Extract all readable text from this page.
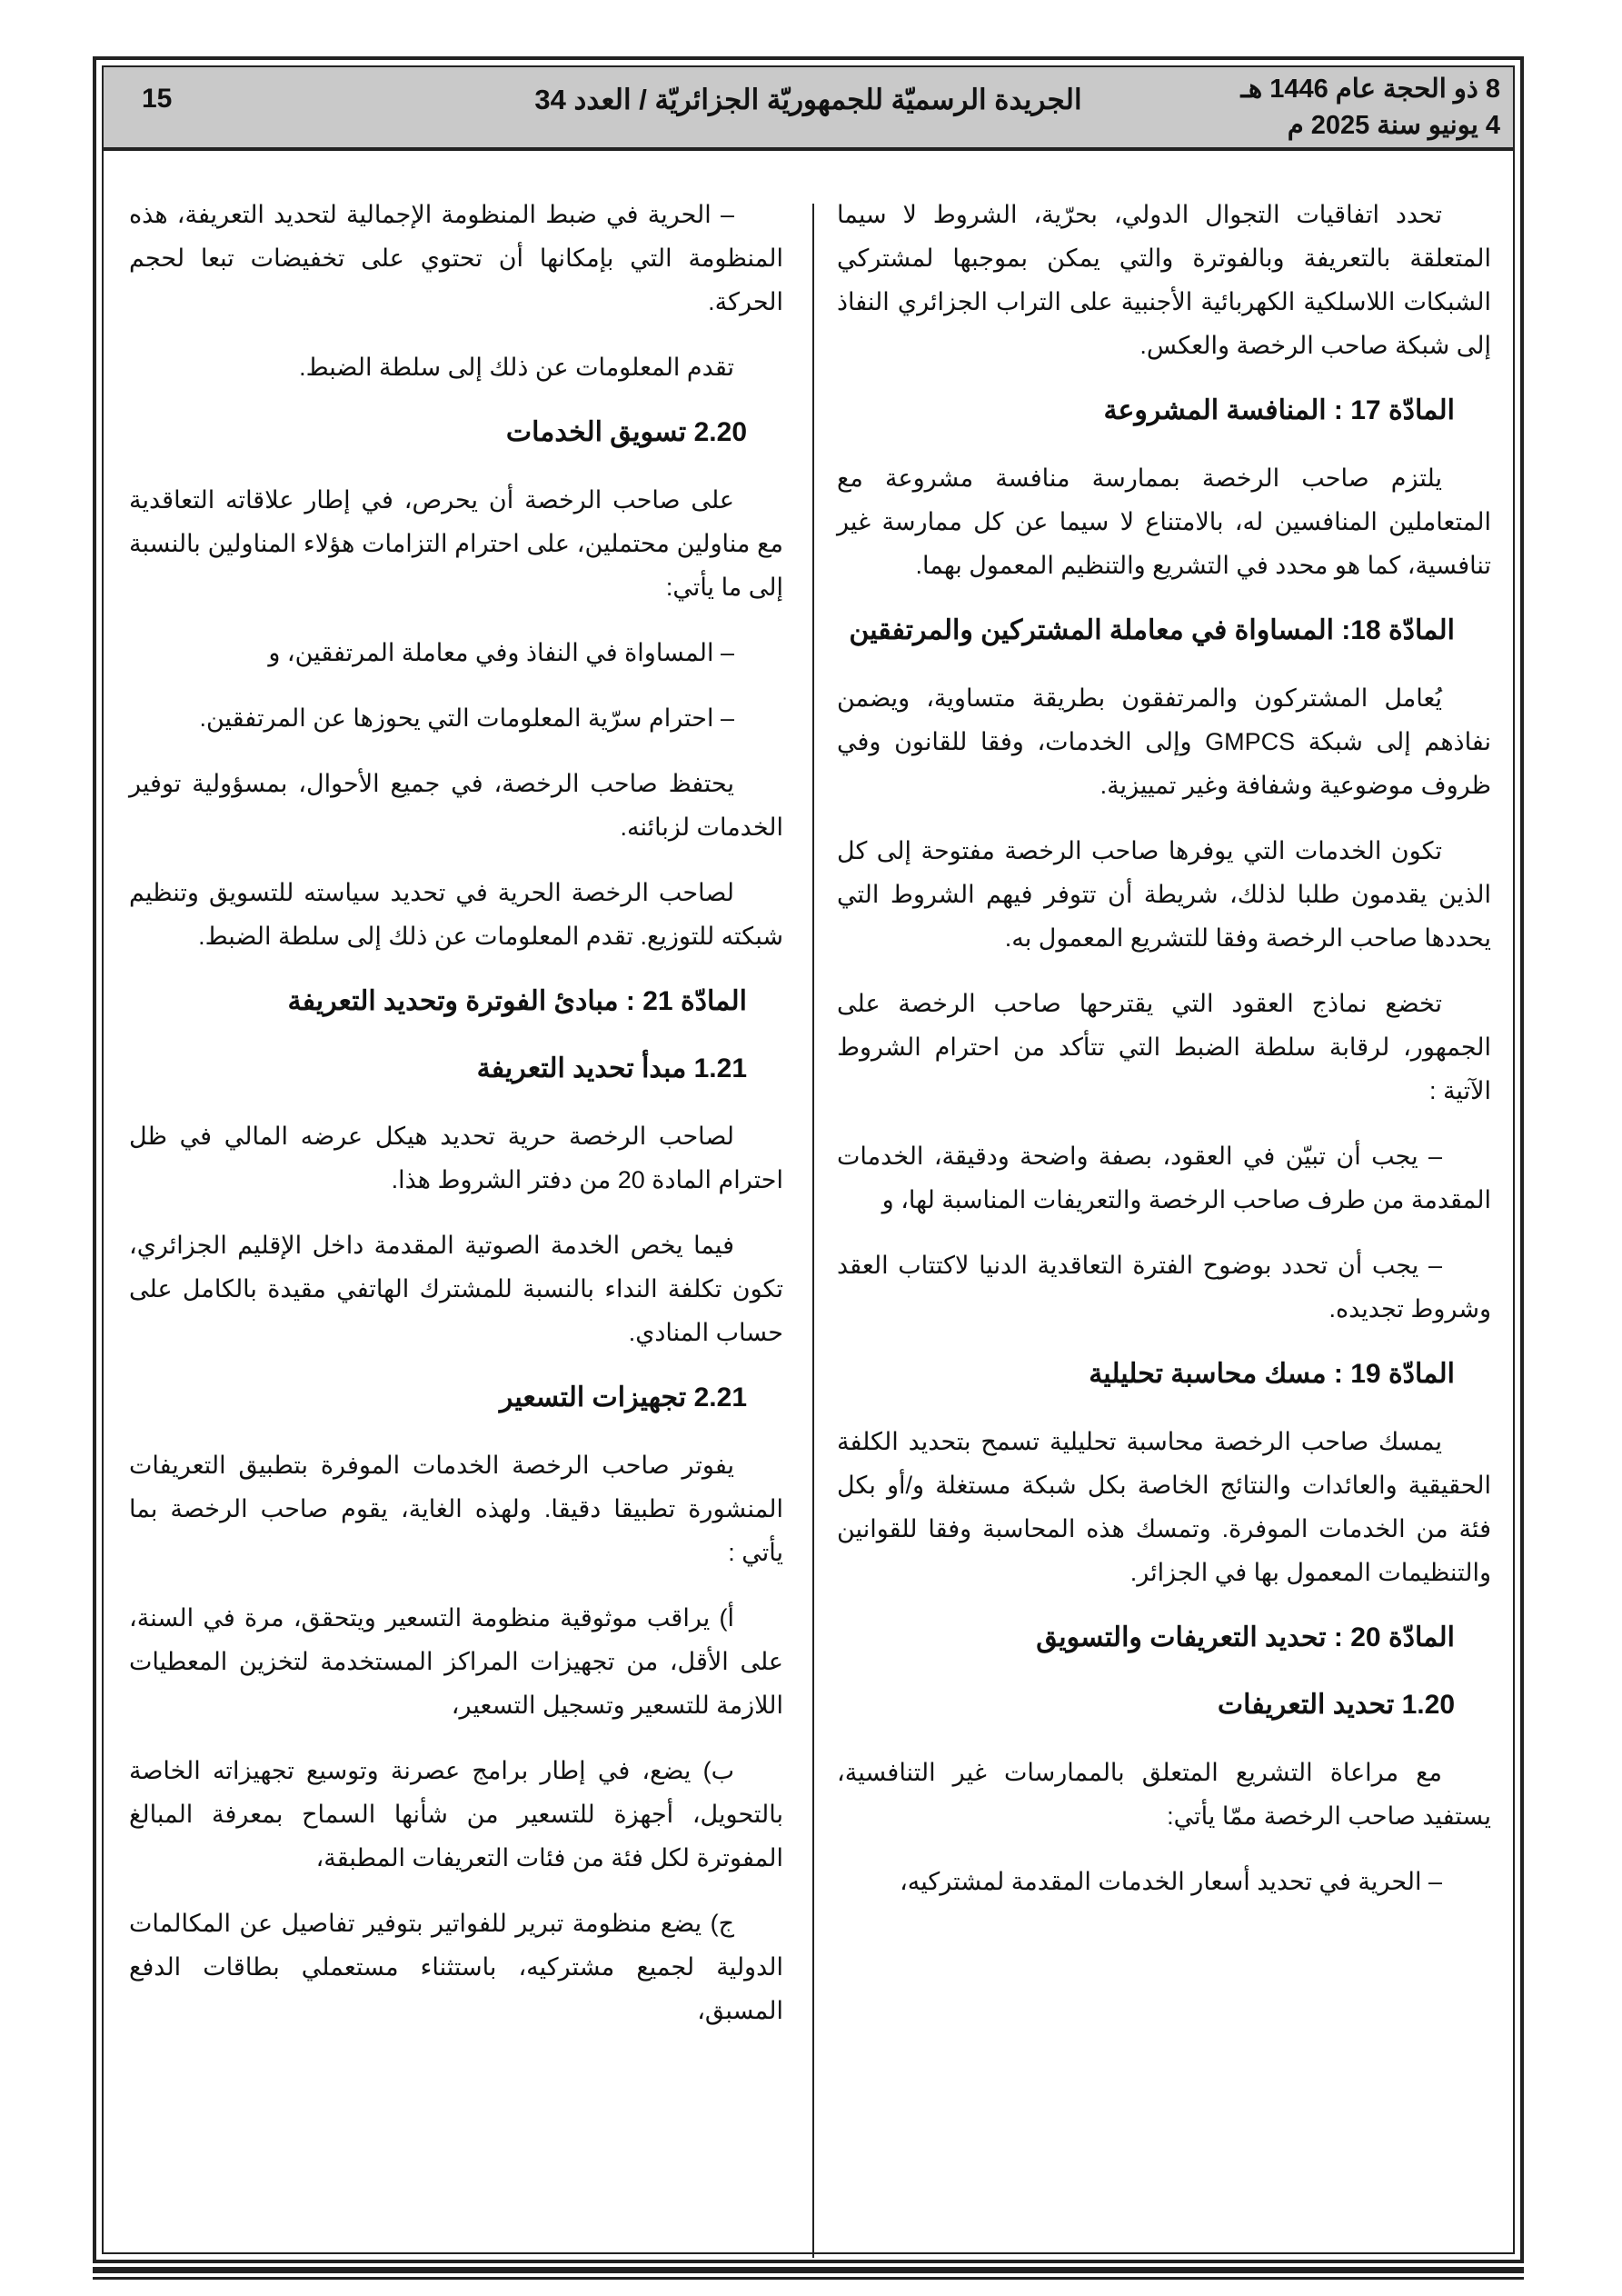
8 ذو الحجة عام 1446 هـ
4 يونيو سنة 2025 م
الجريدة الرسميّة للجمهوريّة الجزائريّة / العدد 34
15

تحدد اتفاقيات التجوال الدولي، بحرّية، الشروط لا سيما المتعلقة بالتعريفة وبالفوترة والتي يمكن بموجبها لمشتركي الشبكات اللاسلكية الكهربائية الأجنبية على التراب الجزائري النفاذ إلى شبكة صاحب الرخصة والعكس.

المادّة 17 : المنافسة المشروعة

يلتزم صاحب الرخصة بممارسة منافسة مشروعة مع المتعاملين المنافسين له، بالامتناع لا سيما عن كل ممارسة غير تنافسية، كما هو محدد في التشريع والتنظيم المعمول بهما.

المادّة 18: المساواة في معاملة المشتركين والمرتفقين

يُعامل المشتركون والمرتفقون بطريقة متساوية، ويضمن نفاذهم إلى شبكة GMPCS وإلى الخدمات، وفقا للقانون وفي ظروف موضوعية وشفافة وغير تمييزية.

تكون الخدمات التي يوفرها صاحب الرخصة مفتوحة إلى كل الذين يقدمون طلبا لذلك، شريطة أن تتوفر فيهم الشروط التي يحددها صاحب الرخصة وفقا للتشريع المعمول به.

تخضع نماذج العقود التي يقترحها صاحب الرخصة على الجمهور، لرقابة سلطة الضبط التي تتأكد من احترام الشروط الآتية :

– يجب أن تبيّن في العقود، بصفة واضحة ودقيقة، الخدمات المقدمة من طرف صاحب الرخصة والتعريفات المناسبة لها، و

– يجب أن تحدد بوضوح الفترة التعاقدية الدنيا لاكتتاب العقد وشروط تجديده.

المادّة 19 : مسك محاسبة تحليلية

يمسك صاحب الرخصة محاسبة تحليلية تسمح بتحديد الكلفة الحقيقية والعائدات والنتائج الخاصة بكل شبكة مستغلة و/أو بكل فئة من الخدمات الموفرة. وتمسك هذه المحاسبة وفقا للقوانين والتنظيمات المعمول بها في الجزائر.

المادّة 20 : تحديد التعريفات والتسويق
1.20 تحديد التعريفات

مع مراعاة التشريع المتعلق بالممارسات غير التنافسية، يستفيد صاحب الرخصة ممّا يأتي:

– الحرية في تحديد أسعار الخدمات المقدمة لمشتركيه،

– الحرية في ضبط المنظومة الإجمالية لتحديد التعريفة، هذه المنظومة التي بإمكانها أن تحتوي على تخفيضات تبعا لحجم الحركة.

تقدم المعلومات عن ذلك إلى سلطة الضبط.

2.20 تسويق الخدمات

على صاحب الرخصة أن يحرص، في إطار علاقاته التعاقدية مع مناولين محتملين، على احترام التزامات هؤلاء المناولين بالنسبة إلى ما يأتي:

– المساواة في النفاذ وفي معاملة المرتفقين، و

– احترام سرّية المعلومات التي يحوزها عن المرتفقين.

يحتفظ صاحب الرخصة، في جميع الأحوال، بمسؤولية توفير الخدمات لزبائنه.

لصاحب الرخصة الحرية في تحديد سياسته للتسويق وتنظيم شبكته للتوزيع. تقدم المعلومات عن ذلك إلى سلطة الضبط.

المادّة 21 : مبادئ الفوترة وتحديد التعريفة
1.21 مبدأ تحديد التعريفة

لصاحب الرخصة حرية تحديد هيكل عرضه المالي في ظل احترام المادة 20 من دفتر الشروط هذا.

فيما يخص الخدمة الصوتية المقدمة داخل الإقليم الجزائري، تكون تكلفة النداء بالنسبة للمشترك الهاتفي مقيدة بالكامل على حساب المنادي.

2.21 تجهيزات التسعير

يفوتر صاحب الرخصة الخدمات الموفرة بتطبيق التعريفات المنشورة تطبيقا دقيقا. ولهذه الغاية، يقوم صاحب الرخصة بما يأتي :

أ) يراقب موثوقية منظومة التسعير ويتحقق، مرة في السنة، على الأقل، من تجهيزات المراكز المستخدمة لتخزين المعطيات اللازمة للتسعير وتسجيل التسعير،

ب) يضع، في إطار برامج عصرنة وتوسيع تجهيزاته الخاصة بالتحويل، أجهزة للتسعير من شأنها السماح بمعرفة المبالغ المفوترة لكل فئة من فئات التعريفات المطبقة،

ج) يضع منظومة تبرير للفواتير بتوفير تفاصيل عن المكالمات الدولية لجميع مشتركيه، باستثناء مستعملي بطاقات الدفع المسبق،
